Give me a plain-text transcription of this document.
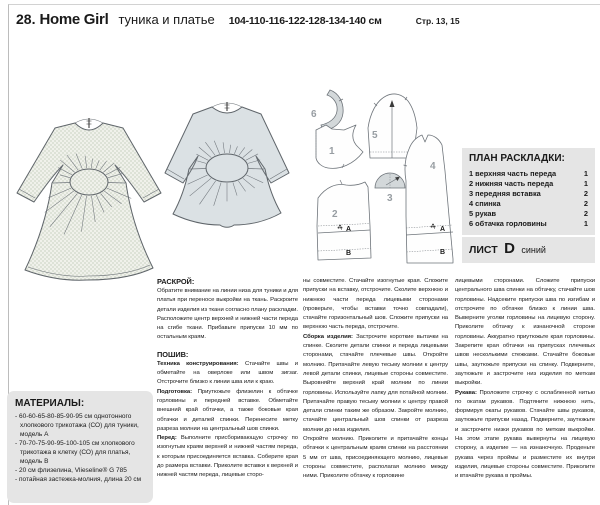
28. Home Girl туника и платье 104-110-116-122-128-134-140 см	Стр. 13, 15
6
1
5
3
2
A
B
4
A
B
ПЛАН РАСКЛАДКИ:
1 верхняя часть переда	1
2 нижняя часть переда	1
3 передняя вставка	2
4 спинка	2
5 рукав	2
6 обтачка горловины	1
ЛИСТ D синий
МАТЕРИАЛЫ:
- 60-60-65-80-85-90-95 см однотонного хлопкового трикотажа (СО) для туники, модель A
- 70-70-75-90-95-100-105 см хлопкового трикотажа в клетку (СО) для платья, модель B
- 20 см флизелина, Vlieseline® G 785
- потайная застежка-молния, длина 20 см
РАСКРОЙ:

Обратите внимание на линии низа для туники и для платья при переносе выкройки на ткань. Раскроите детали изделия из ткани согласно плану раскладки. Расположите центр верхней и нижней части переда на сгибе ткани. Прибавьте припуски 10 мм по остальным краям.

ПОШИВ:

Техника конструирования: Стачайте швы и обметайте на оверлоке или швом зигзаг. Отстрочите близко к линии шва или к краю.

Подготовка: Приутюжьте флизелин к обтачке горловины и передней вставке. Обметайте внешний край обтачки, а также боковые края обтачки и деталей спинки. Перенесите метку разреза молнии на центральный шов спинки.

Перед: Выполните присборивающую строчку по изогнутым краям верхней и нижней частям переда, к которым присоединяется вставка. Соберите края до размера вставки. Приколите вставки к верхней и нижней частям переда, лицевые сторо-

ны совместите. Стачайте изогнутые края. Сложите припуски на вставку, отстрочите. Сколите верхнюю и нижнюю части переда лицевыми сторонами (проверьте, чтобы вставки точно совпадали), стачайте горизонтальный шов. Сложите припуски на верхнюю часть переда, отстрочите.

Сборка изделия: Застрочите короткие вытачки на спинке. Сколите детали спинки и переда лицевыми сторонами, стачайте плечевые швы. Откройте молнию. Притачайте левую тесьму молнии к центру левой детали спинки, лицевые стороны совместите. Выровняйте верхний край молнии по линии горловины. Используйте лапку для потайной молнии. Притачайте правую тесьму молнии к центру правой детали спинки таким же образом. Закройте молнию, стачайте центральный шов спинки от разреза молнии до низа изделия.

Откройте молнию. Приколите и притачайте концы обтачки к центральным краям спинки на расстоянии 5 мм от шва, присоединяющего молнию, лицевые стороны совместите, располагая молнию между ними. Приколите обтачку к горловине

лицевыми сторонами. Сложите припуски центрального шва спинки на обтачку, стачайте шов горловины. Надсеките припуски шва по изгибам и отстрочите по обтачке близко к линии шва. Выверните уголки горловины на лицевую сторону. Приколите обтачку к изнаночной стороне горловины. Аккуратно приутюжьте края горловины. Закрепите края обтачки на припусках плечевых швов несколькими стежками. Стачайте боковые швы, заутюжьте припуски на спинку. Подверните, заутюжьте и застрочите низ изделия по меткам выкройки.

Рукава: Проложите строчку с ослабленной нитью по окатам рукавов. Подтяните нижнюю нить, формируя окаты рукавов. Стачайте швы рукавов, заутюжьте припуски назад. Подверните, заутюжьте и застрочите низки рукавов по меткам выкройки. На этом этапе рукава вывернуты на лицевую сторону, а изделие — на изнаночную. Проденьте рукава через проймы и разместите их внутри изделия, лицевые стороны совместите. Приколите и втачайте рукава в проймы.
